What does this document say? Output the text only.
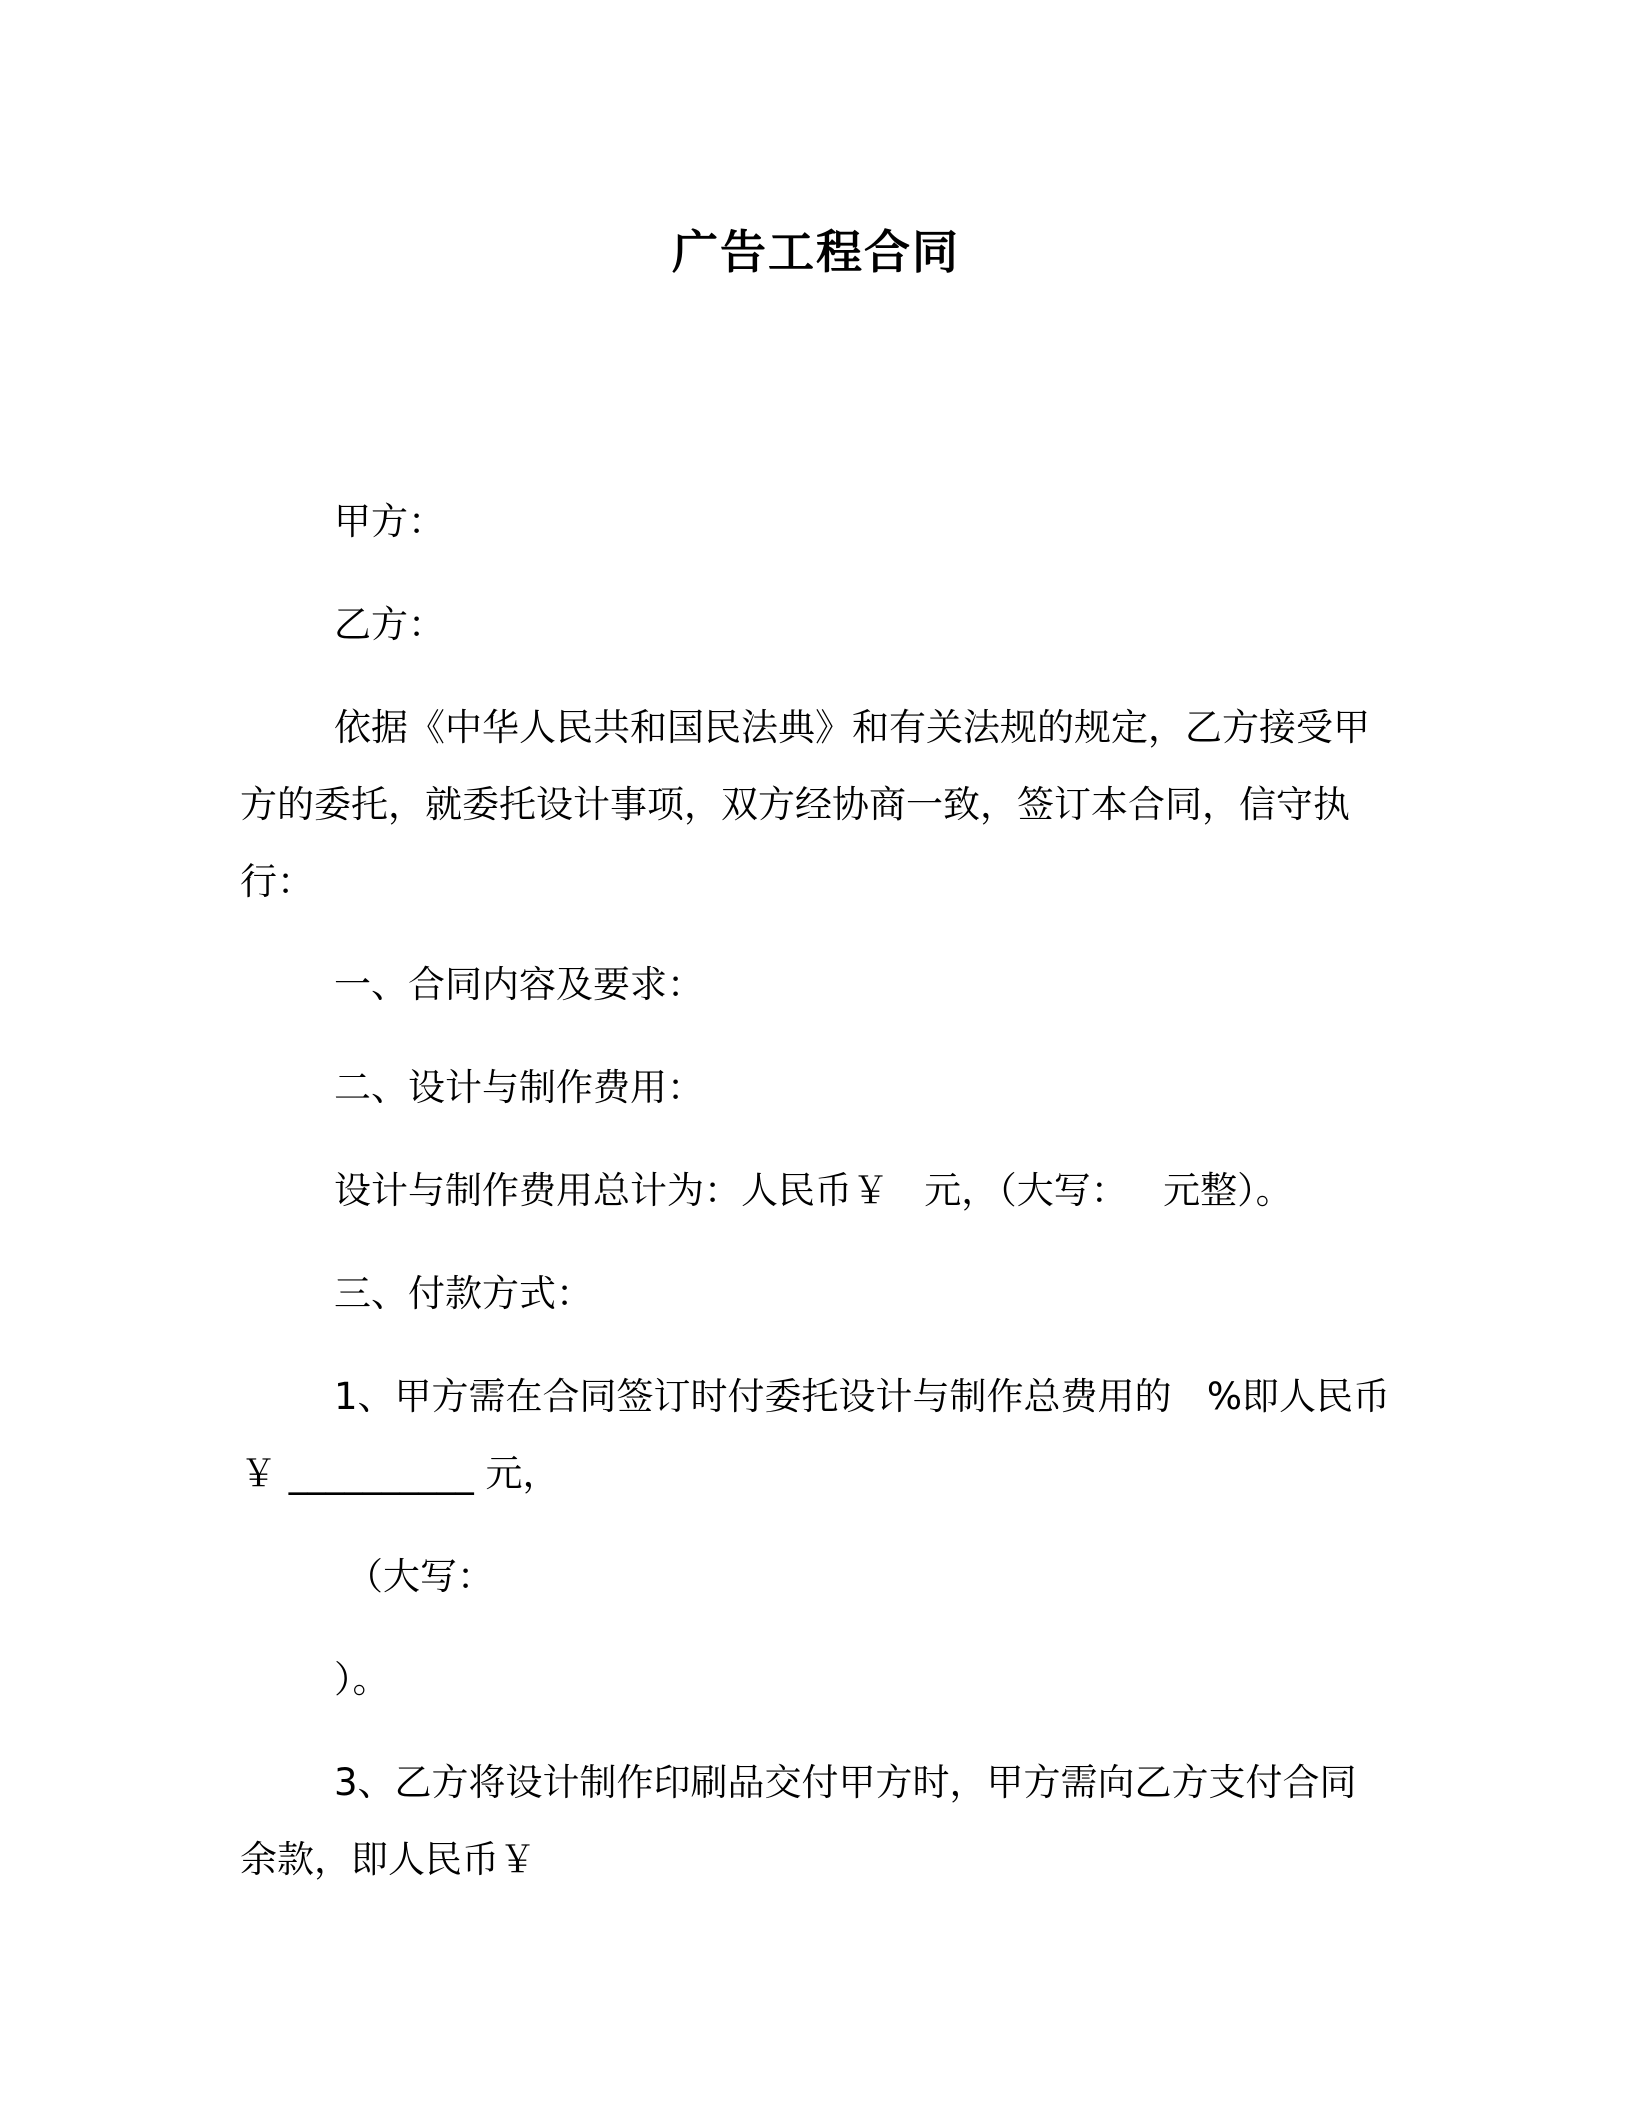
广告工程合同
甲方：
乙方：
依据《中华人民共和国民法典》和有关法规的规定，乙方接受甲
方的委托，就委托设计事项，双方经协商一致，签订本合同，信守执
行：
一、合同内容及要求：
二、设计与制作费用：
设计与制作费用总计为：人民币￥   元，（大写：   元整）。
三、付款方式：
1、甲方需在合同签订时付委托设计与制作总费用的   %即人民币
￥ __________ 元，
（大写：
）。
3、乙方将设计制作印刷品交付甲方时，甲方需向乙方支付合同
余款，即人民币￥
